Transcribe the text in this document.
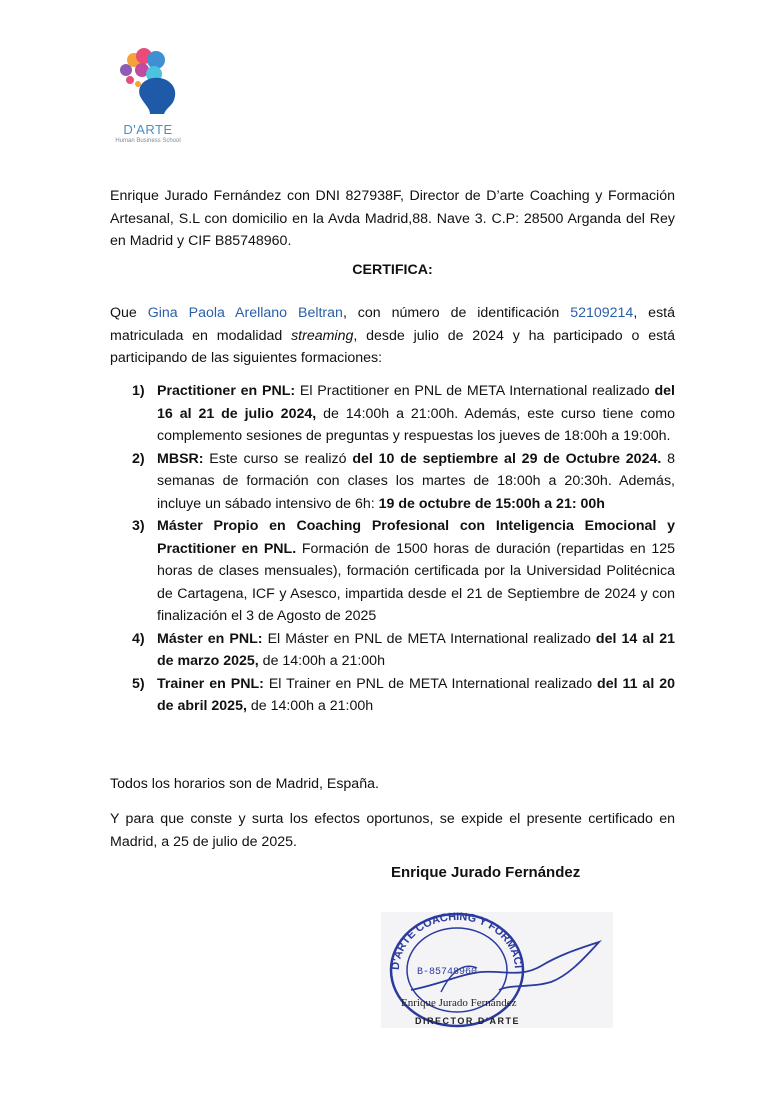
D'ARTE
Human Business School

Enrique Jurado Fernández con DNI 827938F, Director de D’arte Coaching y Formación Artesanal, S.L con domicilio en la Avda Madrid,88. Nave 3. C.P: 28500 Arganda del Rey en Madrid y CIF B85748960.

CERTIFICA:

Que Gina Paola Arellano Beltran, con número de identificación 52109214, está matriculada en modalidad streaming, desde julio de 2024 y ha participado o está participando de las siguientes formaciones:

1) Practitioner en PNL: El Practitioner en PNL de META International realizado del 16 al 21 de julio 2024, de 14:00h a 21:00h. Además, este curso tiene como complemento sesiones de preguntas y respuestas los jueves de 18:00h a 19:00h.
2) MBSR: Este curso se realizó del 10 de septiembre al 29 de Octubre 2024. 8 semanas de formación con clases los martes de 18:00h a 20:30h. Además, incluye un sábado intensivo de 6h: 19 de octubre de 15:00h a 21: 00h
3) Máster Propio en Coaching Profesional con Inteligencia Emocional y Practitioner en PNL. Formación de 1500 horas de duración (repartidas en 125 horas de clases mensuales), formación certificada por la Universidad Politécnica de Cartagena, ICF y Asesco, impartida desde el 21 de Septiembre de 2024 y con finalización el 3 de Agosto de 2025
4) Máster en PNL: El Máster en PNL de META International realizado del 14 al 21 de marzo 2025, de 14:00h a 21:00h
5) Trainer en PNL: El Trainer en PNL de META International realizado del 11 al 20 de abril 2025, de 14:00h a 21:00h

Todos los horarios son de Madrid, España.

Y para que conste y surta los efectos oportunos, se expide el presente certificado en Madrid, a 25 de julio de 2025.

Enrique Jurado Fernández
D'ARTE COACHING Y FORMACI
B-85748960
Enrique Jurado Fernández
DIRECTOR D'ARTE
